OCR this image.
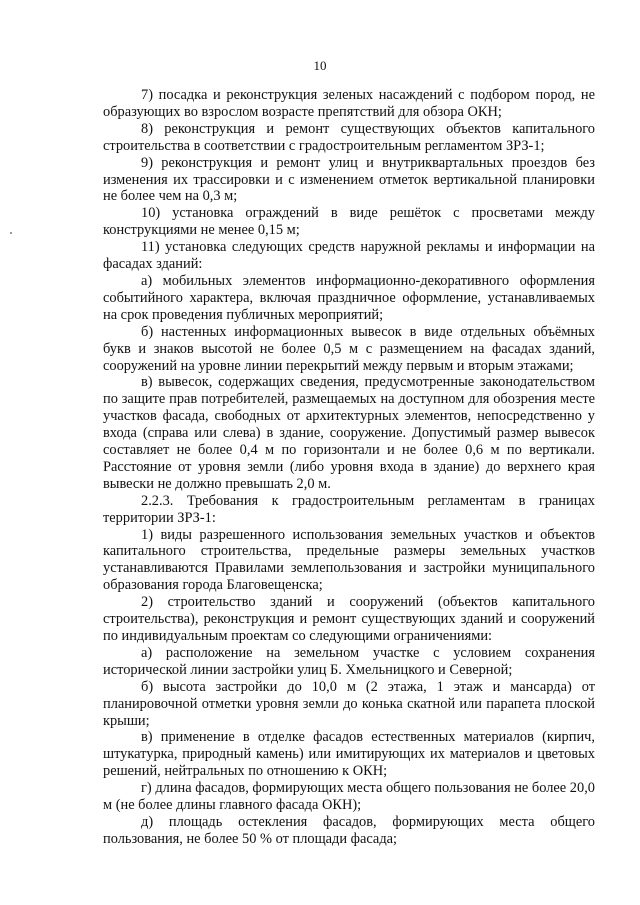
10

7) посадка и реконструкция зеленых насаждений с подбором пород, не образующих во взрослом возрасте препятствий для обзора ОКН;

8) реконструкция и ремонт существующих объектов капитального строительства в соответствии с градостроительным регламентом ЗРЗ-1;

9) реконструкция и ремонт улиц и внутриквартальных проездов без изменения их трассировки и с изменением отметок вертикальной планировки не более чем на 0,3 м;

10) установка ограждений в виде решёток с просветами между конструкциями не менее 0,15 м;

11) установка следующих средств наружной рекламы и информации на фасадах зданий:

а) мобильных элементов информационно-декоративного оформления событийного характера, включая праздничное оформление, устанавливаемых на срок проведения публичных мероприятий;

б) настенных информационных вывесок в виде отдельных объёмных букв и знаков высотой не более 0,5 м с размещением на фасадах зданий, сооружений на уровне линии перекрытий между первым и вторым этажами;

в) вывесок, содержащих сведения, предусмотренные законодательством по защите прав потребителей, размещаемых на доступном для обозрения месте участков фасада, свободных от архитектурных элементов, непосредственно у входа (справа или слева) в здание, сооружение. Допустимый размер вывесок составляет не более 0,4 м по горизонтали и не более 0,6 м по вертикали. Расстояние от уровня земли (либо уровня входа в здание) до верхнего края вывески не должно превышать 2,0 м.

2.2.3. Требования к градостроительным регламентам в границах территории ЗРЗ-1:

1) виды разрешенного использования земельных участков и объектов капитального строительства, предельные размеры земельных участков устанавливаются Правилами землепользования и застройки муниципального образования города Благовещенска;

2) строительство зданий и сооружений (объектов капитального строительства), реконструкция и ремонт существующих зданий и сооружений по индивидуальным проектам со следующими ограничениями:

а) расположение на земельном участке с условием сохранения исторической линии застройки улиц Б. Хмельницкого и Северной;

б) высота застройки до 10,0 м (2 этажа, 1 этаж и мансарда) от планировочной отметки уровня земли до конька скатной или парапета плоской крыши;

в) применение в отделке фасадов естественных материалов (кирпич, штукатурка, природный камень) или имитирующих их материалов и цветовых решений, нейтральных по отношению к ОКН;

г) длина фасадов, формирующих места общего пользования не более 20,0 м (не более длины главного фасада ОКН);

д) площадь остекления фасадов, формирующих места общего пользования, не более 50 % от площади фасада;
